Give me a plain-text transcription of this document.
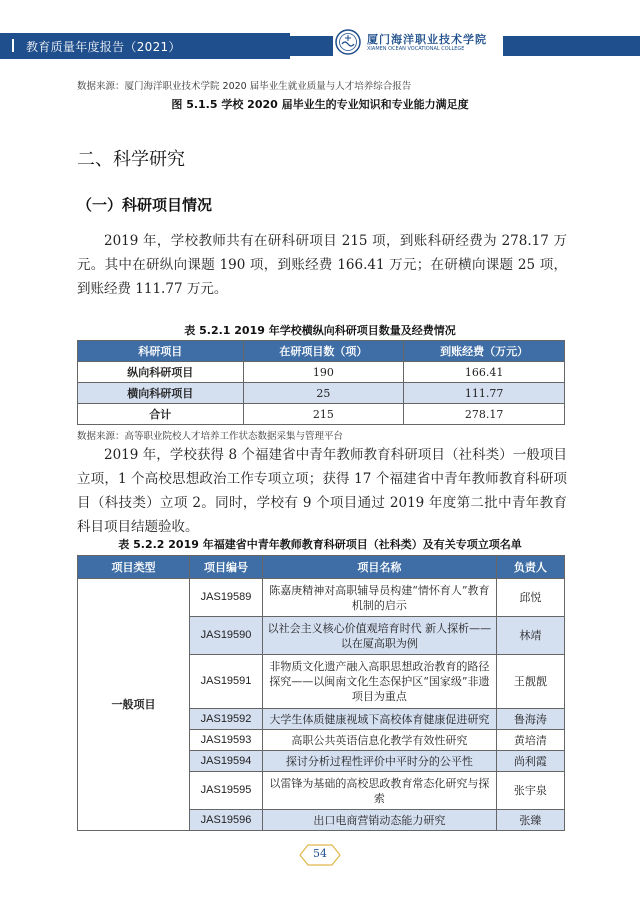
教育质量年度报告（2021）
厦门海洋职业技术学院
XIAMEN OCEAN VOCATIONAL COLLEGE
数据来源：厦门海洋职业技术学院 2020 届毕业生就业质量与人才培养综合报告
图 5.1.5 学校 2020 届毕业生的专业知识和专业能力满足度
二、科学研究
（一）科研项目情况
2019 年，学校教师共有在研科研项目 215 项，到账科研经费为 278.17 万元。其中在研纵向课题 190 项，到账经费 166.41 万元；在研横向课题 25 项，到账经费 111.77 万元。
表 5.2.1 2019 年学校横纵向科研项目数量及经费情况
科研项目	在研项目数（项）	到账经费（万元）
纵向科研项目	190	166.41
横向科研项目	25	111.77
合计	215	278.17
数据来源：高等职业院校人才培养工作状态数据采集与管理平台
2019 年，学校获得 8 个福建省中青年教师教育科研项目（社科类）一般项目立项，1 个高校思想政治工作专项立项；获得 17 个福建省中青年教师教育科研项目（科技类）立项 2。同时，学校有 9 个项目通过 2019 年度第二批中青年教育科目项目结题验收。
表 5.2.2 2019 年福建省中青年教师教育科研项目（社科类）及有关专项立项名单
项目类型	项目编号	项目名称	负责人
一般项目	JAS19589	陈嘉庚精神对高职辅导员构建“情怀育人”教育机制的启示	邱悦
	JAS19590	以社会主义核心价值观培育时代 新人探析——以在厦高职为例	林靖
	JAS19591	非物质文化遗产融入高职思想政治教育的路径探究——以闽南文化生态保护区“国家级”非遗项目为重点	王靓靓
	JAS19592	大学生体质健康视域下高校体育健康促进研究	鲁海涛
	JAS19593	高职公共英语信息化教学有效性研究	黄培清
	JAS19594	探讨分析过程性评价中平时分的公平性	尚利霞
	JAS19595	以雷锋为基础的高校思政教育常态化研究与探索	张宇泉
	JAS19596	出口电商营销动态能力研究	张臻
54
